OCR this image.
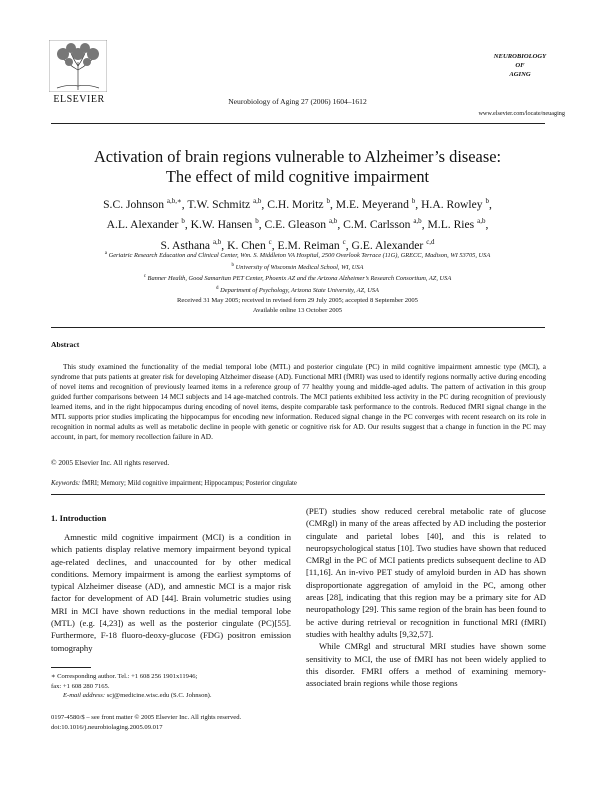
ELSEVIER	Neurobiology of Aging 27 (2006) 1604–1612
NEUROBIOLOGY
OF
AGING
www.elsevier.com/locate/neuaging
Activation of brain regions vulnerable to Alzheimer’s disease:
The effect of mild cognitive impairment
S.C. Johnson $^{a,b,∗}$, T.W. Schmitz $^{a,b}$, C.H. Moritz $^b$, M.E. Meyerand $^b$, H.A. Rowley $^b$,
A.L. Alexander $^b$, K.W. Hansen $^b$, C.E. Gleason $^{a,b}$, C.M. Carlsson $^{a,b}$, M.L. Ries $^{a,b}$,
S. Asthana $^{a,b}$, K. Chen $^c$, E.M. Reiman $^c$, G.E. Alexander $^{c,d}$
$^a$ Geriatric Research Education and Clinical Center, Wm. S. Middleton VA Hospital, 2500 Overlook Terrace (11G), GRECC, Madison, WI 53705, USA
$^b$ University of Wisconsin Medical School, WI, USA
$^c$ Banner Health, Good Samaritan PET Center, Phoenix AZ and the Arizona Alzheimer’s Research Consortium, AZ, USA
$^d$ Department of Psychology, Arizona State University, AZ, USA
Received 31 May 2005; received in revised form 29 July 2005; accepted 8 September 2005
Available online 13 October 2005
Abstract
This study examined the functionality of the medial temporal lobe (MTL) and posterior cingulate (PC) in mild cognitive impairment amnestic type (MCI), a syndrome that puts patients at greater risk for developing Alzheimer disease (AD). Functional MRI (fMRI) was used to identify regions normally active during encoding of novel items and recognition of previously learned items in a reference group of 77 healthy young and middle-aged adults. The pattern of activation in this group guided further comparisons between 14 MCI subjects and 14 age-matched controls. The MCI patients exhibited less activity in the PC during recognition of previously learned items, and in the right hippocampus during encoding of novel items, despite comparable task performance to the controls. Reduced fMRI signal change in the MTL supports prior studies implicating the hippocampus for encoding new information. Reduced signal change in the PC converges with recent research on its role in recognition in normal adults as well as metabolic decline in people with genetic or cognitive risk for AD. Our results suggest that a change in function in the PC may account, in part, for memory recollection failure in AD.
© 2005 Elsevier Inc. All rights reserved.
Keywords: fMRI; Memory; Mild cognitive impairment; Hippocampus; Posterior cingulate
1. Introduction
Amnestic mild cognitive impairment (MCI) is a condition in which patients display relative memory impairment beyond typical age-related declines, and unaccounted for by other medical conditions. Memory impairment is among the earliest symptoms of typical Alzheimer disease (AD), and amnestic MCI is a major risk factor for development of AD [44]. Brain volumetric studies using MRI in MCI have shown reductions in the medial temporal lobe (MTL) (e.g. [4,23]) as well as the posterior cingulate (PC)[55]. Furthermore, F-18 fluoro-deoxy-glucose (FDG) positron emission tomography

(PET) studies show reduced cerebral metabolic rate of glucose (CMRgl) in many of the areas affected by AD including the posterior cingulate and parietal lobes [40], and this is related to neuropsychological status [10]. Two studies have shown that reduced CMRgl in the PC of MCI patients predicts subsequent decline to AD [11,16]. An in-vivo PET study of amyloid burden in AD has shown disproportionate aggregation of amyloid in the PC, among other areas [28], indicating that this region may be a primary site for AD neuropathology [29]. This same region of the brain has been found to be active during retrieval or recognition in functional MRI (fMRI) studies with healthy adults [9,32,57].

While CMRgl and structural MRI studies have shown some sensitivity to MCI, the use of fMRI has not been widely applied to this disorder. FMRI offers a method of examining memory-associated brain regions while those regions

∗ Corresponding author. Tel.: +1 608 256 1901x11946;
fax: +1 608 280 7165.
E-mail address: scj@medicine.wisc.edu (S.C. Johnson).
0197-4580/$ – see front matter © 2005 Elsevier Inc. All rights reserved.
doi:10.1016/j.neurobiolaging.2005.09.017
